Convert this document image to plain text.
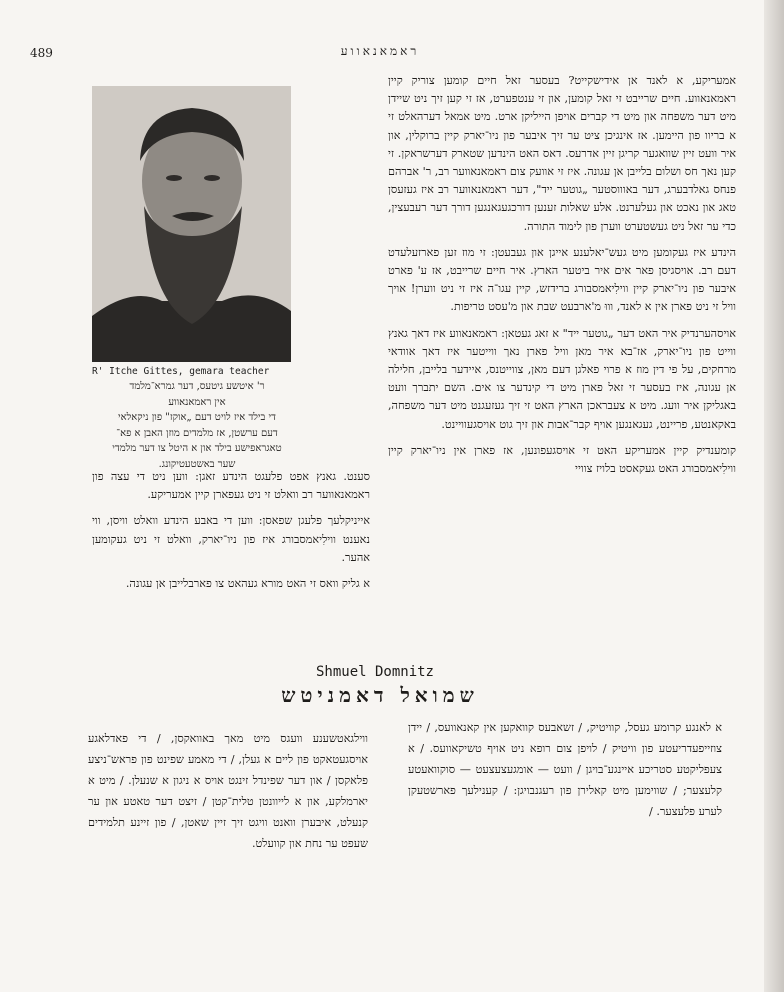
489	ראמאנאווע

אמעריקע, א לאנד אן אידישקייט? בעסער זאל חיים קומען צוריק קיין ראמאנאווע. חיים שרייבט זי זאל קומען, און זי ענטפערט, אז זי קען זיך ניט שיידן מיט דער משפחה און מיט די קברים אויפן הייליקן ארט. מיט אמאל דערהאלט זי א בריוו פון היימען. אז אינגיכן ציט ער זיך איבער פון ניו־יארק קיין ברוקלין, און איר וועט זיין שוואגער קריגן זיין אדרעס. דאס האט הינדען שטארק דערשראקן. זי קען נאך חס ושלום בלייבן אן עגונה. איז זי אוועק צום ראמאנאווער רב, ר' אברהם פנחס גאלדבערג, דער באוווסטער „גוטער ייד", דער ראמאנאווער רב איז געזעסן טאג און נאכט און געלערנט. אלע שאלות זענען דורכגעגאנגען דורך דער רעבעצין, כדי ער זאל ניט געשטערט ווערן פון לימוד התורה.

הינדע איז געקומען מיט געש־יאלענע אייגן און געבעטן: זי מוז זען פארזעלעדט דעם רב. אויסגיסן פאר אים איר ביטער הארץ. איר חיים שרייבט, אז ע' פארט איבער פון ניו־יארק קיין ווילִיאמסבורג ברידזש, קיין עגו־ה איז זי ניט ווערן! אויך וויל זי ניט פארן אין א לאנד, וווּ מ'ארבעט שבת און מ'עסט טריפות.

אויסהערנדיק איר האט דער „גוטער ייד" א זאג געטאן: ראמאנאווע איז דאך גאנץ ווייט פון ניו־יארק, אז־בא איר מאן וויל פארן נאך ווייטער איז דאך אוודאי מרחקים, על פי דין מוז א פרוי פאלגן דעם מאן, צווייטנס, איידער בלייבן, חלילה אן עגונה, איז בעסער זי זאל פארן מיט די קינדער צו אים. השם יתברך וועט באגליקן איר וועג. מיט א צעבראכן הארץ האט זי זיך געזעגנט מיט דער משפחה, באקאנטע, פריינט, געגאנגען אויף קבר־אבות און זיך גוט אויסגעוויינט.

קומענדיק קיין אמעריקע האט זי אויסגעפונען, אז פארן אין ניו־יארק קיין ווילִיאמסבורג האט געקאסט בלויז צוויי

R' Itche Gittes, gemara teacher

ר' איטשע גיטעס, דער גמרא־מלמד

אין ראמאנאווע

די בילד איז לויט דעם „אוקז" פון ניקאלאי

דעם ערשטן, אז מלמדים מוזן האבן א פא־

טאגראפישע בילד און א היטל צו דער מלמדי

שער באשטעטיקונג.

סענט. גאנץ אפט פלעגט הינדע זאגן: ווען ניט די עצה פון ראמאנאווער רב וואלט זי ניט געפארן קיין אמעריקע.

אייניקלעך פלעגן שפאסן: ווען די באבע הינדע וואלט וויסן, ווי נאענט ווילִיאמסבורג איז פון ניו־יארק, וואלט זי ניט געקומען אהער.

א גליק וואס זי האט מורא געהאט צו פארבלייבן אן עגונה.

Shmuel Domnitz
שמואל דאמניטש

א לאנגע קרומע געסל, קוויטיק, / זשאבעס קוואקען אין קאנאוועס, / יידן צוזייפעדריעטע פון וויטיק / לויפן צום רופא ניט אויף טשיקאוועס. / א צעפליקטע סטריכע איינגע־בויגן / וועט — אומגעצעצעט — סוקוואעטע קלעצער; / שווימען מיט קאלירן פון רעגנבויגן: / קענילעך פארשטעקן לערע פלעצער. /

ווילגאטשענע וועגס מיט מאך באוואקסן, / די פאדלאגע אויסגעטאקט פון ליים א געלן, / די מאמע שפינט פון פראש־ניצע פלאקסן / און דער שפינדל זינגט אויס א ניגון א שנעלן. / מיט א יארמלקע, און א לייוונטן טלית־קטן / זיצט דער טאטע און ער קנעלט, איבערן וואנט וויגט זיך זיין שאטן, / פון זיינע תלמידים שעפט ער נחת און קוועלט.
